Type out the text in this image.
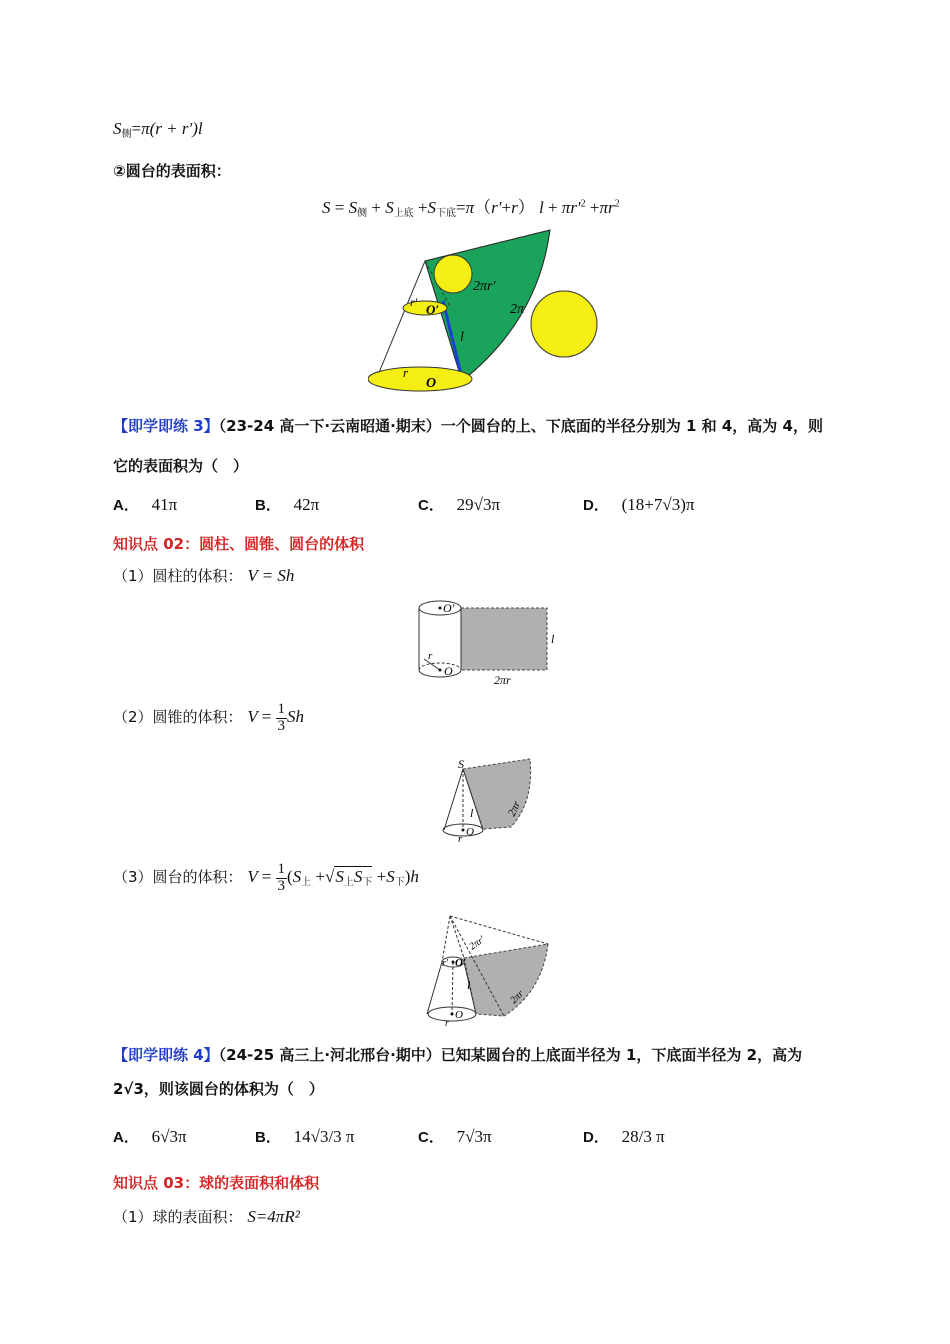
$S_侧=\pi(r + r')l$
②圆台的表面积：
$S = S_侧 + S_{上底} +S_{下底}=\pi(r'+r) l + \pi r'^2 +\pi r^2$
2πr′
2π
l
r′ O′
r
O
【即学即练 3】（23-24 高一下·云南昭通·期末）一个圆台的上、下底面的半径分别为 1 和 4，高为 4，则
它的表面积为（　）
A． 41π	B． 42π	C． 29√3π	D． (18+7√3)π
知识点 02：圆柱、圆锥、圆台的体积
（1）圆柱的体积： V = Sh
O′
O
r
l
2πr
（2）圆锥的体积： $V = \frac{1}{3}$ Sh
S
l
r
O
2πr
（3）圆台的体积： $V = \frac{1}{3} (S_上 +√S_上S_下 +S_下)h$
r′ O′
l
r
O
2πr′
2πr
【即学即练 4】（24-25 高三上·河北邢台·期中）已知某圆台的上底面半径为 1，下底面半径为 2，高为
2√3，则该圆台的体积为（　）
A． 6√3π	B． 14√3/3 π	C． 7√3π	D． 28/3 π
知识点 03：球的表面积和体积
（1）球的表面积： S=4πR²
